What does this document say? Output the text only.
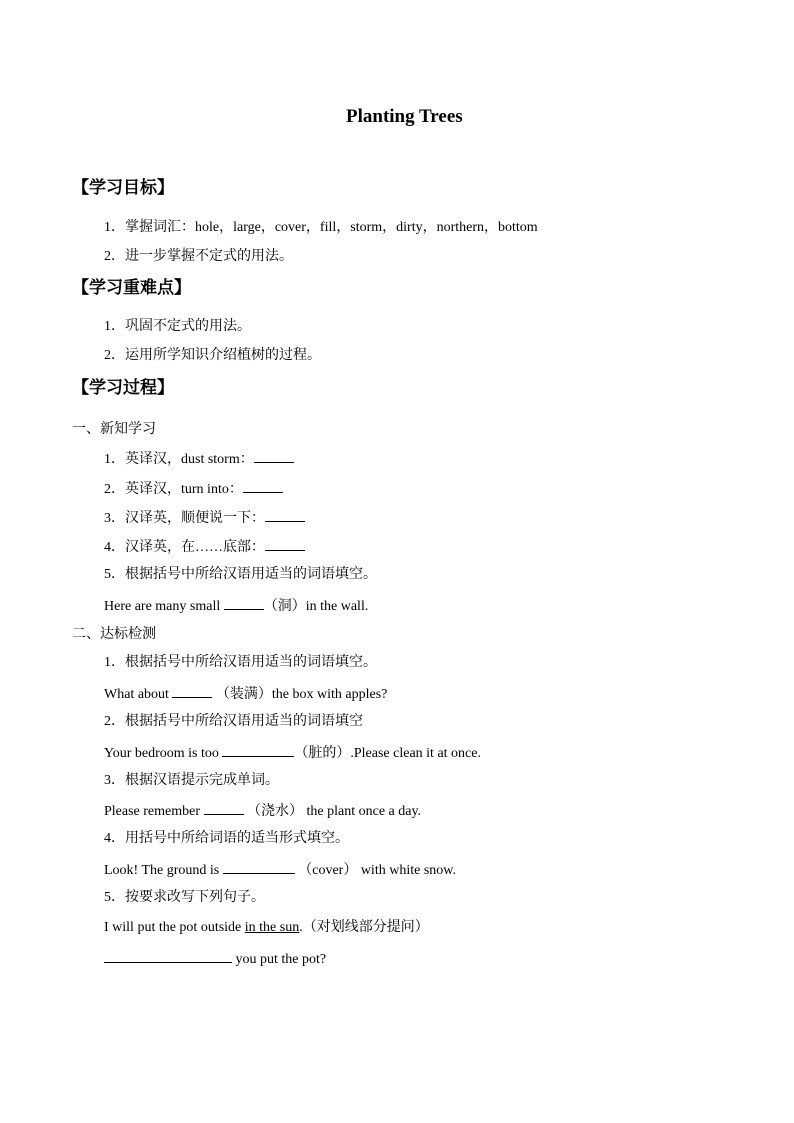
Planting Trees
【学习目标】
1．掌握词汇：hole，large，cover，fill，storm，dirty，northern，bottom
2．进一步掌握不定式的用法。
【学习重难点】
1．巩固不定式的用法。
2．运用所学知识介绍植树的过程。
【学习过程】
一、新知学习
1．英译汉，dust storm：
2．英译汉，turn into：
3．汉译英，顺便说一下：
4．汉译英，在……底部：
5．根据括号中所给汉语用适当的词语填空。
Here are many small	（洞）in the wall.
二、达标检测
1．根据括号中所给汉语用适当的词语填空。
What about	（装满）the box with apples?
2．根据括号中所给汉语用适当的词语填空
Your bedroom is too	（脏的）.Please clean it at once.
3．根据汉语提示完成单词。
Please remember	（浇水） the plant once a day.
4．用括号中所给词语的适当形式填空。
Look! The ground is	（cover） with white snow.
5．按要求改写下列句子。
I will put the pot outside in the sun.（对划线部分提问）
you put the pot?
